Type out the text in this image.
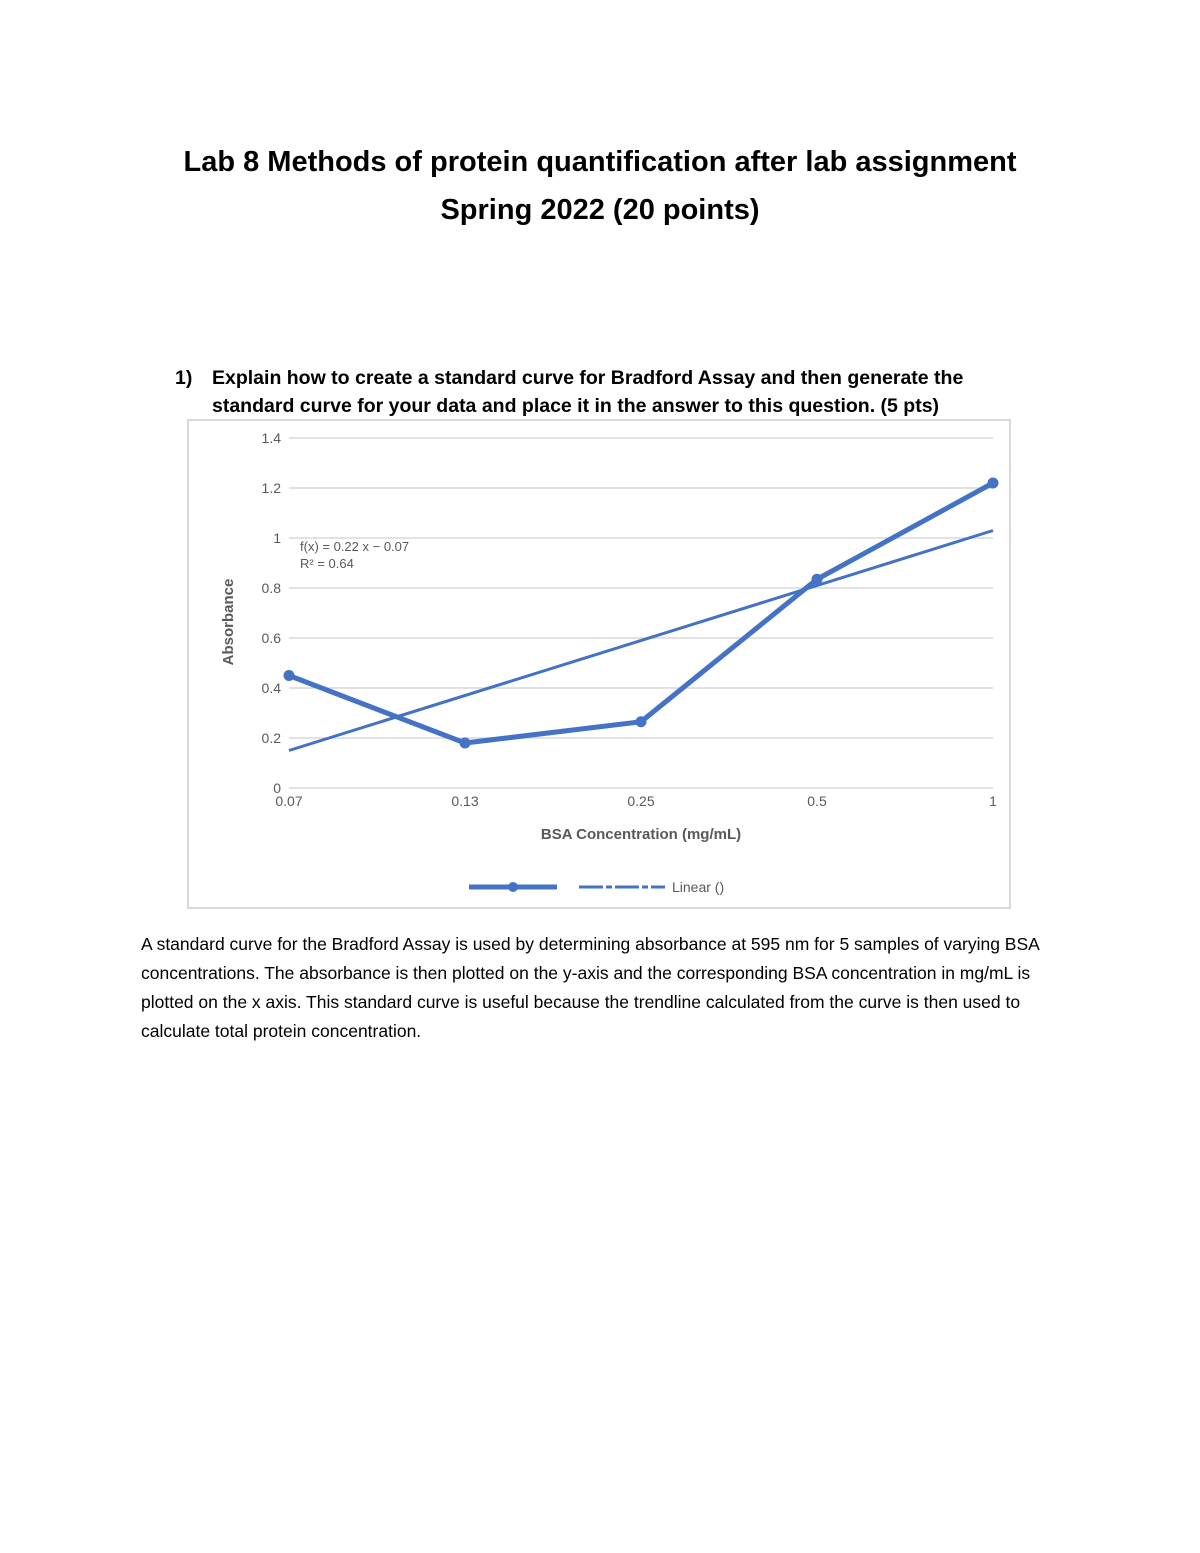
Lab 8 Methods of protein quantification after lab assignment
Spring 2022 (20 points)
1) Explain how to create a standard curve for Bradford Assay and then generate the standard curve for your data and place it in the answer to this question. (5 pts)
0
0.2
0.4
0.6
0.8
1
1.2
1.4
0.07	0.13	0.25	0.5	1
f(x) = 0.22 x − 0.07
R² = 0.64
Absorbance
BSA Concentration (mg/mL)
Linear ()

A standard curve for the Bradford Assay is used by determining absorbance at 595 nm for 5 samples of varying BSA concentrations. The absorbance is then plotted on the y-axis and the corresponding BSA concentration in mg/mL is plotted on the x axis. This standard curve is useful because the trendline calculated from the curve is then used to calculate total protein concentration.
